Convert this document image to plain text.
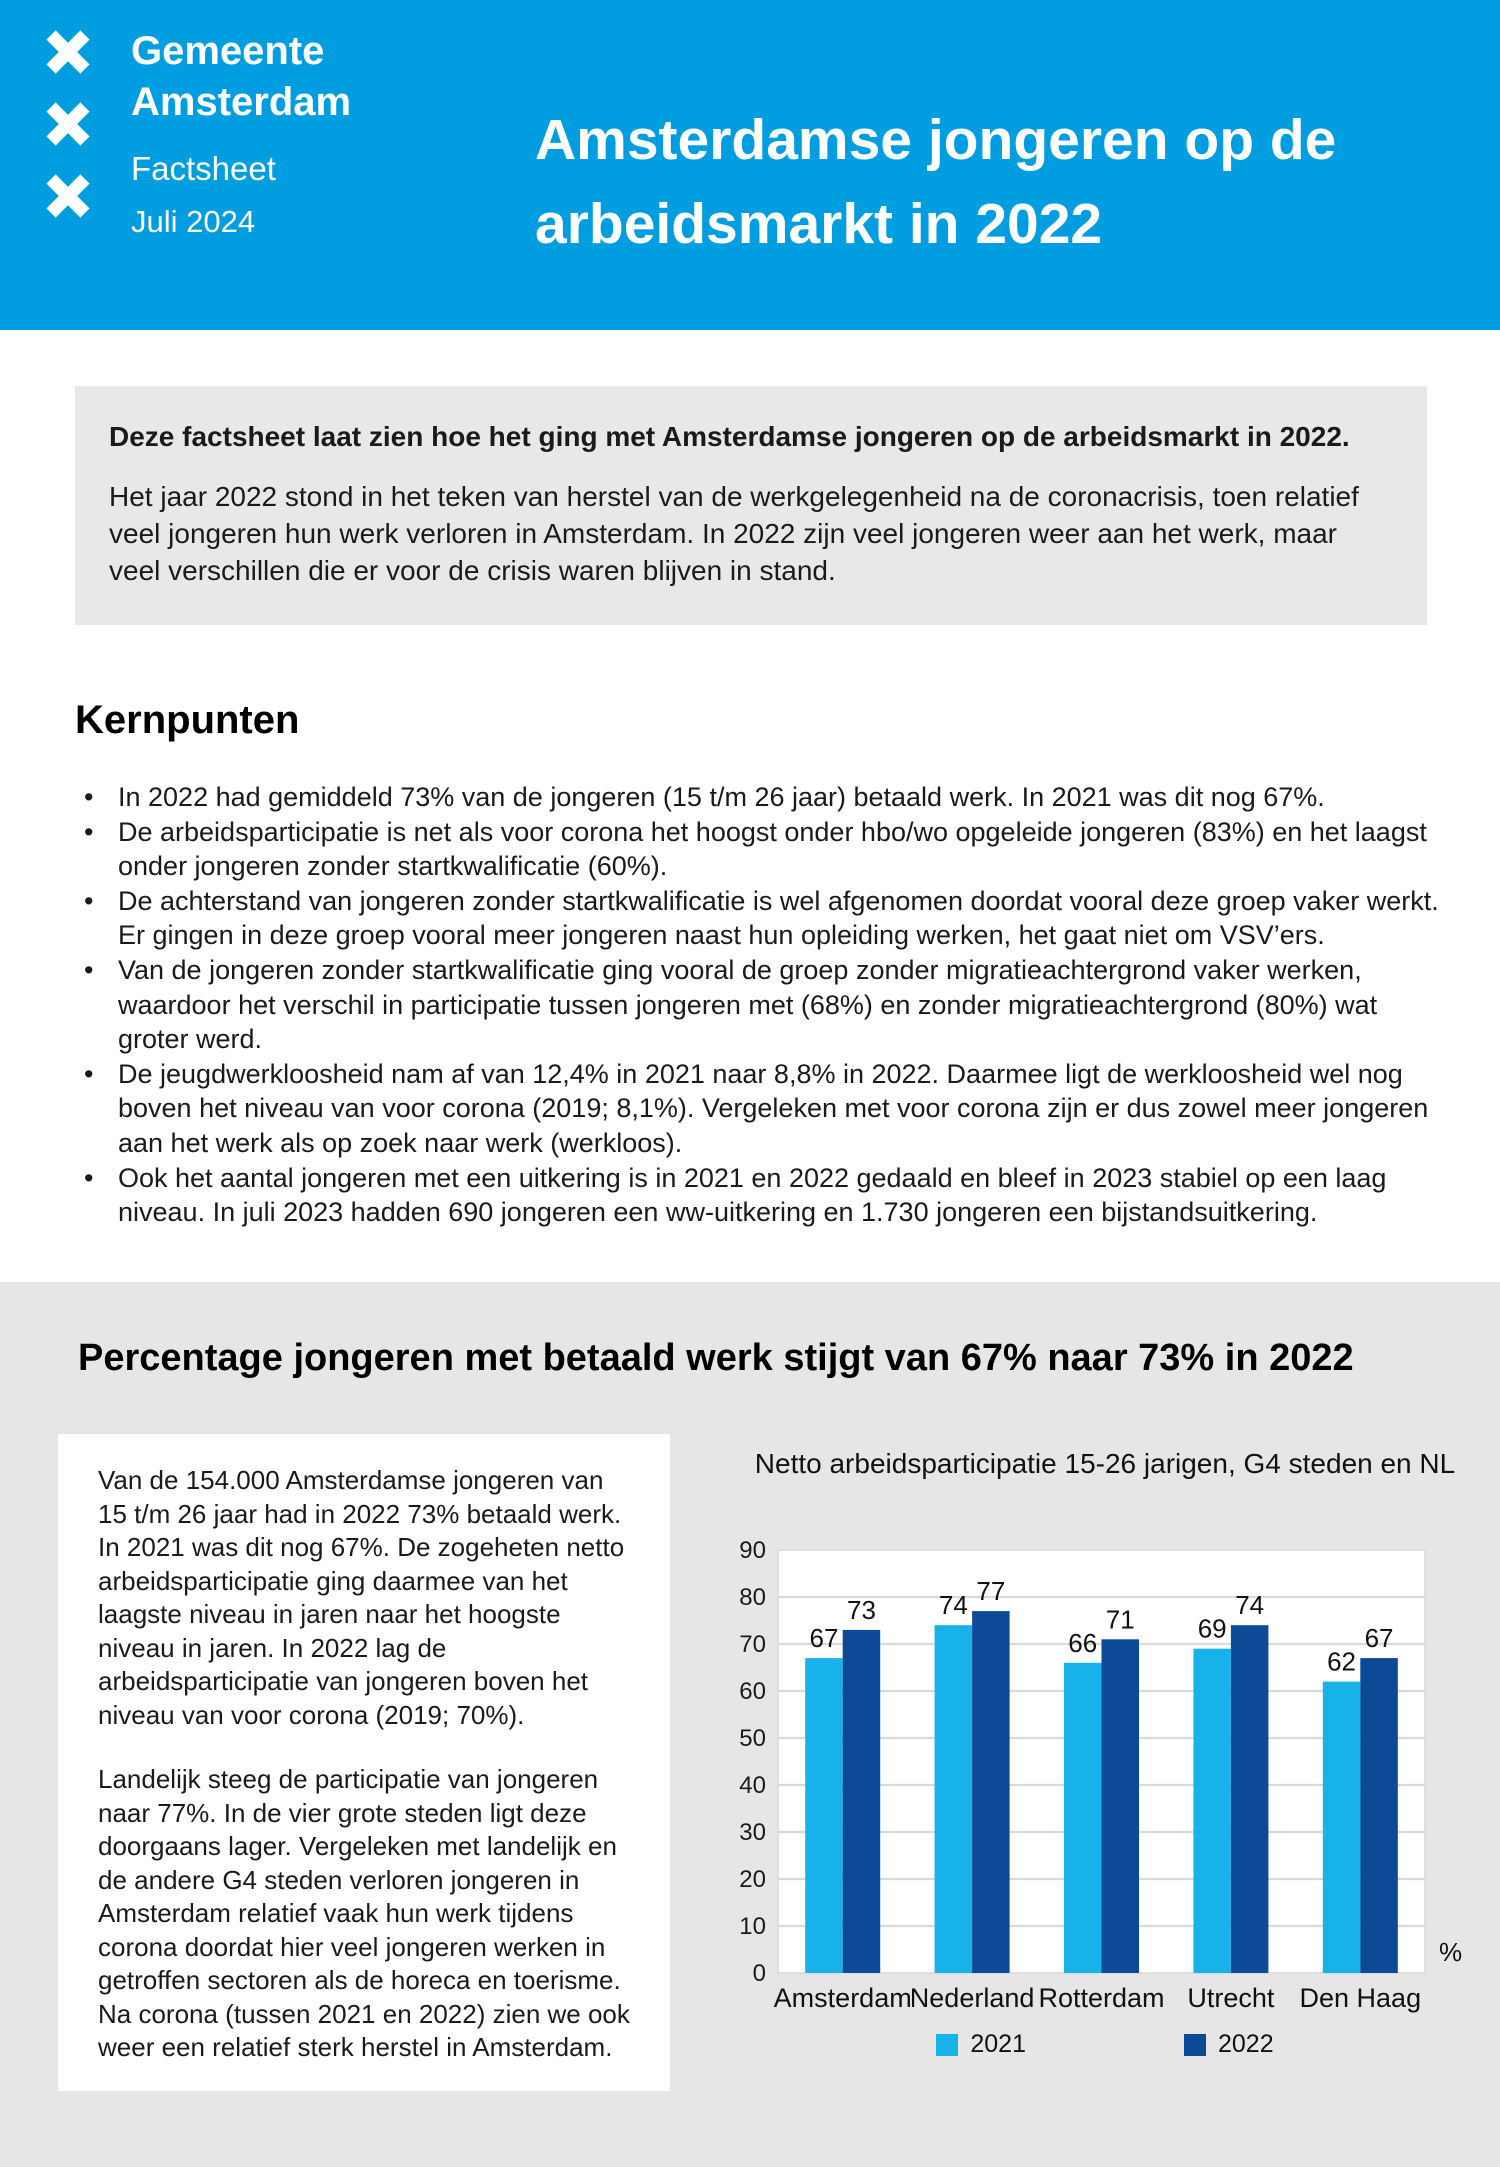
Gemeente
Amsterdam
Factsheet
Juli 2024
Amsterdamse jongeren op de
arbeidsmarkt in 2022

Deze factsheet laat zien hoe het ging met Amsterdamse jongeren op de arbeidsmarkt in 2022.

Het jaar 2022 stond in het teken van herstel van de werkgelegenheid na de coronacrisis, toen relatief veel jongeren hun werk verloren in Amsterdam. In 2022 zijn veel jongeren weer aan het werk, maar veel verschillen die er voor de crisis waren blijven in stand.

Kernpunten
• In 2022 had gemiddeld 73% van de jongeren (15 t/m 26 jaar) betaald werk. In 2021 was dit nog 67%.
• De arbeidsparticipatie is net als voor corona het hoogst onder hbo/wo opgeleide jongeren (83%) en het laagst onder jongeren zonder startkwalificatie (60%).
• De achterstand van jongeren zonder startkwalificatie is wel afgenomen doordat vooral deze groep vaker werkt. Er gingen in deze groep vooral meer jongeren naast hun opleiding werken, het gaat niet om VSV’ers.
• Van de jongeren zonder startkwalificatie ging vooral de groep zonder migratieachtergrond vaker werken, waardoor het verschil in participatie tussen jongeren met (68%) en zonder migratieachtergrond (80%) wat groter werd.
• De jeugdwerkloosheid nam af van 12,4% in 2021 naar 8,8% in 2022. Daarmee ligt de werkloosheid wel nog boven het niveau van voor corona (2019; 8,1%). Vergeleken met voor corona zijn er dus zowel meer jongeren aan het werk als op zoek naar werk (werkloos).
• Ook het aantal jongeren met een uitkering is in 2021 en 2022 gedaald en bleef in 2023 stabiel op een laag niveau. In juli 2023 hadden 690 jongeren een ww-uitkering en 1.730 jongeren een bijstandsuitkering.
Percentage jongeren met betaald werk stijgt van 67% naar 73% in 2022

Van de 154.000 Amsterdamse jongeren van 15 t/m 26 jaar had in 2022 73% betaald werk. In 2021 was dit nog 67%. De zogeheten netto arbeidsparticipatie ging daarmee van het laagste niveau in jaren naar het hoogste niveau in jaren. In 2022 lag de arbeidsparticipatie van jongeren boven het niveau van voor corona (2019; 70%).

Landelijk steeg de participatie van jongeren naar 77%. In de vier grote steden ligt deze doorgaans lager. Vergeleken met landelijk en de andere G4 steden verloren jongeren in Amsterdam relatief vaak hun werk tijdens corona doordat hier veel jongeren werken in getroffen sectoren als de horeca en toerisme. Na corona (tussen 2021 en 2022) zien we ook weer een relatief sterk herstel in Amsterdam.

Netto arbeidsparticipatie 15-26 jarigen, G4 steden en NL
0
10
20
30
40
50
60
70
80
90
67
73
Amsterdam
74 77
Nederland
66
71
Rotterdam
69
74
Utrecht
62
67
Den Haag
%
2021	2022
